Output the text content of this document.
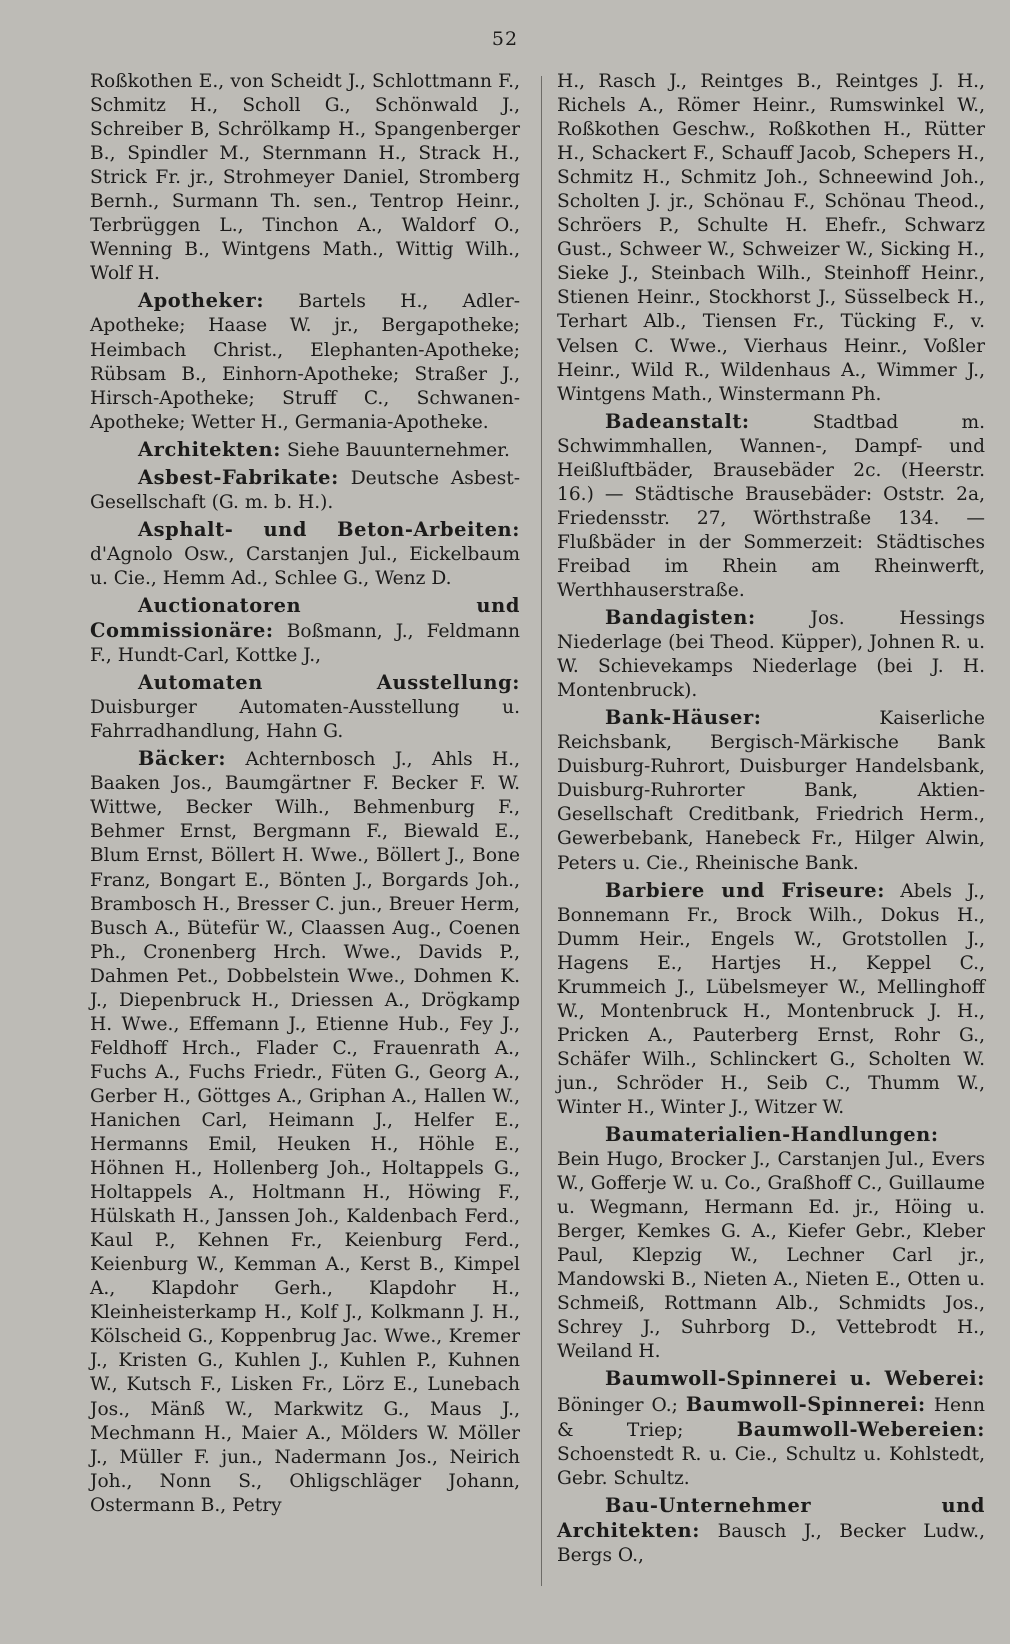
52

Roßkothen E., von Scheidt J., Schlottmann F., Schmitz H., Scholl G., Schönwald J., Schreiber B, Schrölkamp H., Spangenberger B., Spindler M., Sternmann H., Strack H., Strick Fr. jr., Strohmeyer Daniel, Stromberg Bernh., Surmann Th. sen., Tentrop Heinr., Terbrüggen L., Tinchon A., Waldorf O., Wenning B., Wintgens Math., Wittig Wilh., Wolf H.

Apotheker: Bartels H., Adler-Apotheke; Haase W. jr., Bergapotheke; Heimbach Christ., Elephanten-Apotheke; Rübsam B., Einhorn-Apotheke; Straßer J., Hirsch-Apotheke; Struff C., Schwanen-Apotheke; Wetter H., Germania-Apotheke.

Architekten: Siehe Bauunternehmer.

Asbest-Fabrikate: Deutsche Asbest-Gesellschaft (G. m. b. H.).

Asphalt- und Beton-Arbeiten: d'Agnolo Osw., Carstanjen Jul., Eickelbaum u. Cie., Hemm Ad., Schlee G., Wenz D.

Auctionatoren und Commissionäre: Boßmann, J., Feldmann F., Hundt-Carl, Kottke J.,

Automaten Ausstellung: Duisburger Automaten-Ausstellung u. Fahrradhandlung, Hahn G.

Bäcker: Achternbosch J., Ahls H., Baaken Jos., Baumgärtner F. Becker F. W. Wittwe, Becker Wilh., Behmenburg F., Behmer Ernst, Bergmann F., Biewald E., Blum Ernst, Böllert H. Wwe., Böllert J., Bone Franz, Bongart E., Bönten J., Borgards Joh., Brambosch H., Bresser C. jun., Breuer Herm, Busch A., Bütefür W., Claassen Aug., Coenen Ph., Cronenberg Hrch. Wwe., Davids P., Dahmen Pet., Dobbelstein Wwe., Dohmen K. J., Diepenbruck H., Driessen A., Drögkamp H. Wwe., Effemann J., Etienne Hub., Fey J., Feldhoff Hrch., Flader C., Frauenrath A., Fuchs A., Fuchs Friedr., Füten G., Georg A., Gerber H., Göttges A., Griphan A., Hallen W., Hanichen Carl, Heimann J., Helfer E., Hermanns Emil, Heuken H., Höhle E., Höhnen H., Hollenberg Joh., Holtappels G., Holtappels A., Holtmann H., Höwing F., Hülskath H., Janssen Joh., Kaldenbach Ferd., Kaul P., Kehnen Fr., Keienburg Ferd., Keienburg W., Kemman A., Kerst B., Kimpel A., Klapdohr Gerh., Klapdohr H., Kleinheisterkamp H., Kolf J., Kolkmann J. H., Kölscheid G., Koppenbrug Jac. Wwe., Kremer J., Kristen G., Kuhlen J., Kuhlen P., Kuhnen W., Kutsch F., Lisken Fr., Lörz E., Lunebach Jos., Mänß W., Markwitz G., Maus J., Mechmann H., Maier A., Mölders W. Möller J., Müller F. jun., Nadermann Jos., Neirich Joh., Nonn S., Ohligschläger Johann, Ostermann B., Petry

H., Rasch J., Reintges B., Reintges J. H., Richels A., Römer Heinr., Rumswinkel W., Roßkothen Geschw., Roßkothen H., Rütter H., Schackert F., Schauff Jacob, Schepers H., Schmitz H., Schmitz Joh., Schneewind Joh., Scholten J. jr., Schönau F., Schönau Theod., Schröers P., Schulte H. Ehefr., Schwarz Gust., Schweer W., Schweizer W., Sicking H., Sieke J., Steinbach Wilh., Steinhoff Heinr., Stienen Heinr., Stockhorst J., Süsselbeck H., Terhart Alb., Tiensen Fr., Tücking F., v. Velsen C. Wwe., Vierhaus Heinr., Voßler Heinr., Wild R., Wildenhaus A., Wimmer J., Wintgens Math., Winstermann Ph.

Badeanstalt:	Stadtbad m. Schwimmhallen, Wannen-, Dampf- und Heißluftbäder, Brausebäder 2c. (Heerstr. 16.) — Städtische Brausebäder: Oststr. 2a, Friedensstr. 27, Wörthstraße 134. — Flußbäder in der Sommerzeit: Städtisches Freibad im Rhein am Rheinwerft, Werthhauserstraße.

Bandagisten:	Jos. Hessings Niederlage (bei Theod. Küpper), Johnen R. u. W. Schievekamps Niederlage (bei J. H. Montenbruck).

Bank-Häuser:	Kaiserliche Reichsbank, Bergisch-Märkische Bank Duisburg-Ruhrort, Duisburger Handelsbank, Duisburg-Ruhrorter Bank, Aktien-Gesellschaft Creditbank, Friedrich Herm., Gewerbebank, Hanebeck Fr., Hilger Alwin, Peters u. Cie., Rheinische Bank.

Barbiere und Friseure: Abels J., Bonnemann Fr., Brock Wilh., Dokus H., Dumm Heir., Engels W., Grotstollen J., Hagens E., Hartjes H., Keppel C., Krummeich J., Lübelsmeyer W., Mellinghoff W., Montenbruck H., Montenbruck J. H., Pricken A., Pauterberg Ernst, Rohr G., Schäfer Wilh., Schlinckert G., Scholten W. jun., Schröder H., Seib C., Thumm W., Winter H., Winter J., Witzer W.

Baumaterialien-Handlungen: Bein Hugo, Brocker J., Carstanjen Jul., Evers W., Gofferje W. u. Co., Graßhoff C., Guillaume u. Wegmann, Hermann Ed. jr., Höing u. Berger, Kemkes G. A., Kiefer Gebr., Kleber Paul, Klepzig W., Lechner Carl jr., Mandowski B., Nieten A., Nieten E., Otten u. Schmeiß, Rottmann Alb., Schmidts Jos., Schrey J., Suhrborg D., Vettebrodt H., Weiland H.

Baumwoll-Spinnerei u. Weberei: Böninger O.; Baumwoll-Spinnerei: Henn & Triep;	Baumwoll-Webereien: Schoenstedt R. u. Cie., Schultz u. Kohlstedt, Gebr. Schultz.

Bau-Unternehmer und Architekten: Bausch J., Becker Ludw., Bergs O.,
